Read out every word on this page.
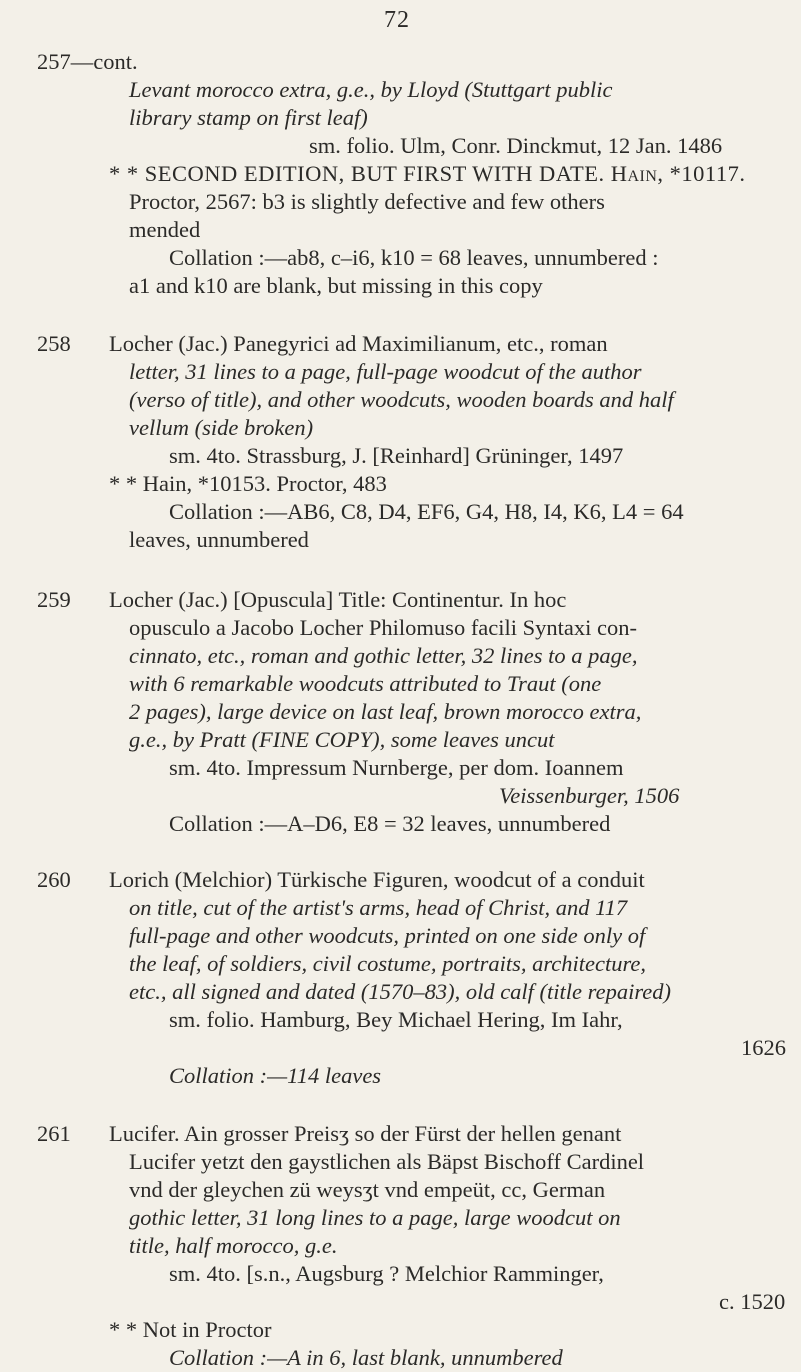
72
257—cont.
Levant morocco extra, g.e., by Lloyd (Stuttgart public
library stamp on first leaf)
sm. folio. Ulm, Conr. Dinckmut, 12 Jan. 1486
* * SECOND EDITION, BUT FIRST WITH DATE. Hain, *10117.
Proctor, 2567: b3 is slightly defective and few others
mended
Collation :—ab8, c–i6, k10 = 68 leaves, unnumbered :
a1 and k10 are blank, but missing in this copy
258	Locher (Jac.) Panegyrici ad Maximilianum, etc., roman
letter, 31 lines to a page, full-page woodcut of the author
(verso of title), and other woodcuts, wooden boards and half
vellum (side broken)
sm. 4to. Strassburg, J. [Reinhard] Grüninger, 1497
* * Hain, *10153. Proctor, 483
Collation :—AB6, C8, D4, EF6, G4, H8, I4, K6, L4 = 64
leaves, unnumbered
259	Locher (Jac.) [Opuscula] Title: Continentur. In hoc
opusculo a Jacobo Locher Philomuso facili Syntaxi con-
cinnato, etc., roman and gothic letter, 32 lines to a page,
with 6 remarkable woodcuts attributed to Traut (one
2 pages), large device on last leaf, brown morocco extra,
g.e., by Pratt (FINE COPY), some leaves uncut
sm. 4to. Impressum Nurnberge, per dom. Ioannem
Veissenburger, 1506
Collation :—A–D6, E8 = 32 leaves, unnumbered
260	Lorich (Melchior) Türkische Figuren, woodcut of a conduit
on title, cut of the artist's arms, head of Christ, and 117
full-page and other woodcuts, printed on one side only of
the leaf, of soldiers, civil costume, portraits, architecture,
etc., all signed and dated (1570–83), old calf (title repaired)
sm. folio. Hamburg, Bey Michael Hering, Im Iahr,
1626
Collation :—114 leaves
261	Lucifer. Ain grosser Preisʒ so der Fürst der hellen genant
Lucifer yetzt den gaystlichen als Bäpst Bischoff Cardinel
vnd der gleychen zü weysʒt vnd empeüt, cc, German
gothic letter, 31 long lines to a page, large woodcut on
title, half morocco, g.e.
sm. 4to. [s.n., Augsburg ? Melchior Ramminger,
c. 1520
* * Not in Proctor
Collation :—A in 6, last blank, unnumbered
